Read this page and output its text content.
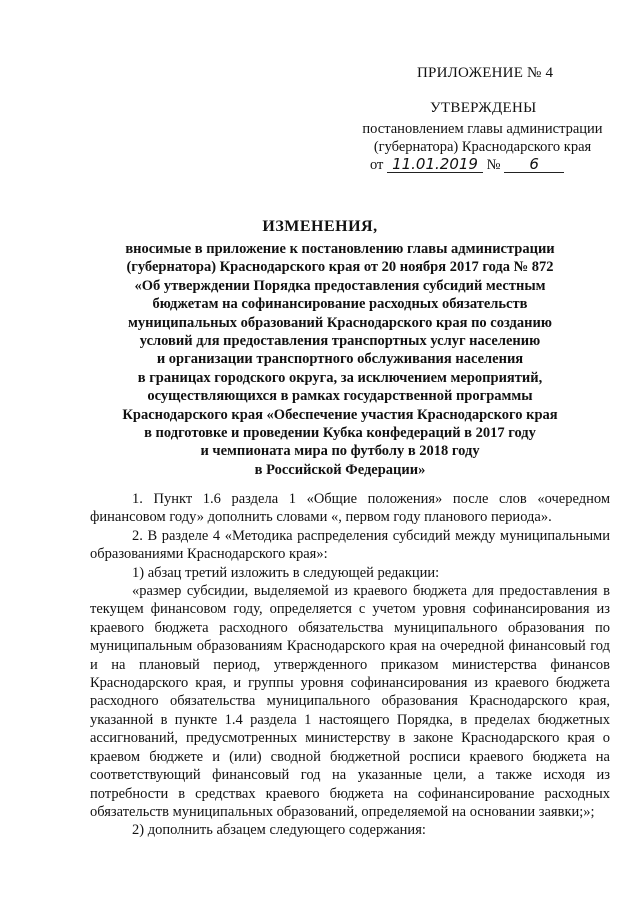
ПРИЛОЖЕНИЕ № 4
УТВЕРЖДЕНЫ
постановлением главы администрации
(губернатора) Краснодарского края
от 11.01.2019 № 6
ИЗМЕНЕНИЯ,
вносимые в приложение к постановлению главы администрации
(губернатора) Краснодарского края от 20 ноября 2017 года № 872
«Об утверждении Порядка предоставления субсидий местным
бюджетам на софинансирование расходных обязательств
муниципальных образований Краснодарского края по созданию
условий для предоставления транспортных услуг населению
и организации транспортного обслуживания населения
в границах городского округа, за исключением мероприятий,
осуществляющихся в рамках государственной программы
Краснодарского края «Обеспечение участия Краснодарского края
в подготовке и проведении Кубка конфедераций в 2017 году
и чемпионата мира по футболу в 2018 году
в Российской Федерации»

1. Пункт 1.6 раздела 1 «Общие положения» после слов «очередном финансовом году» дополнить словами «, первом году планового периода».

2. В разделе 4 «Методика распределения субсидий между муниципальными образованиями Краснодарского края»:

1) абзац третий изложить в следующей редакции:

«размер субсидии, выделяемой из краевого бюджета для предоставления в текущем финансовом году, определяется с учетом уровня софинансирования из краевого бюджета расходного обязательства муниципального образования по муниципальным образованиям Краснодарского края на очередной финансовый год и на плановый период, утвержденного приказом министерства финансов Краснодарского края, и группы уровня софинансирования из краевого бюджета расходного обязательства муниципального образования Краснодарского края, указанной в пункте 1.4 раздела 1 настоящего Порядка, в пределах бюджетных ассигнований, предусмотренных министерству в законе Краснодарского края о краевом бюджете и (или) сводной бюджетной росписи краевого бюджета на соответствующий финансовый год на указанные цели, а также исходя из потребности в средствах краевого бюджета на софинансирование расходных обязательств муниципальных образований, определяемой на основании заявки;»;

2) дополнить абзацем следующего содержания:
